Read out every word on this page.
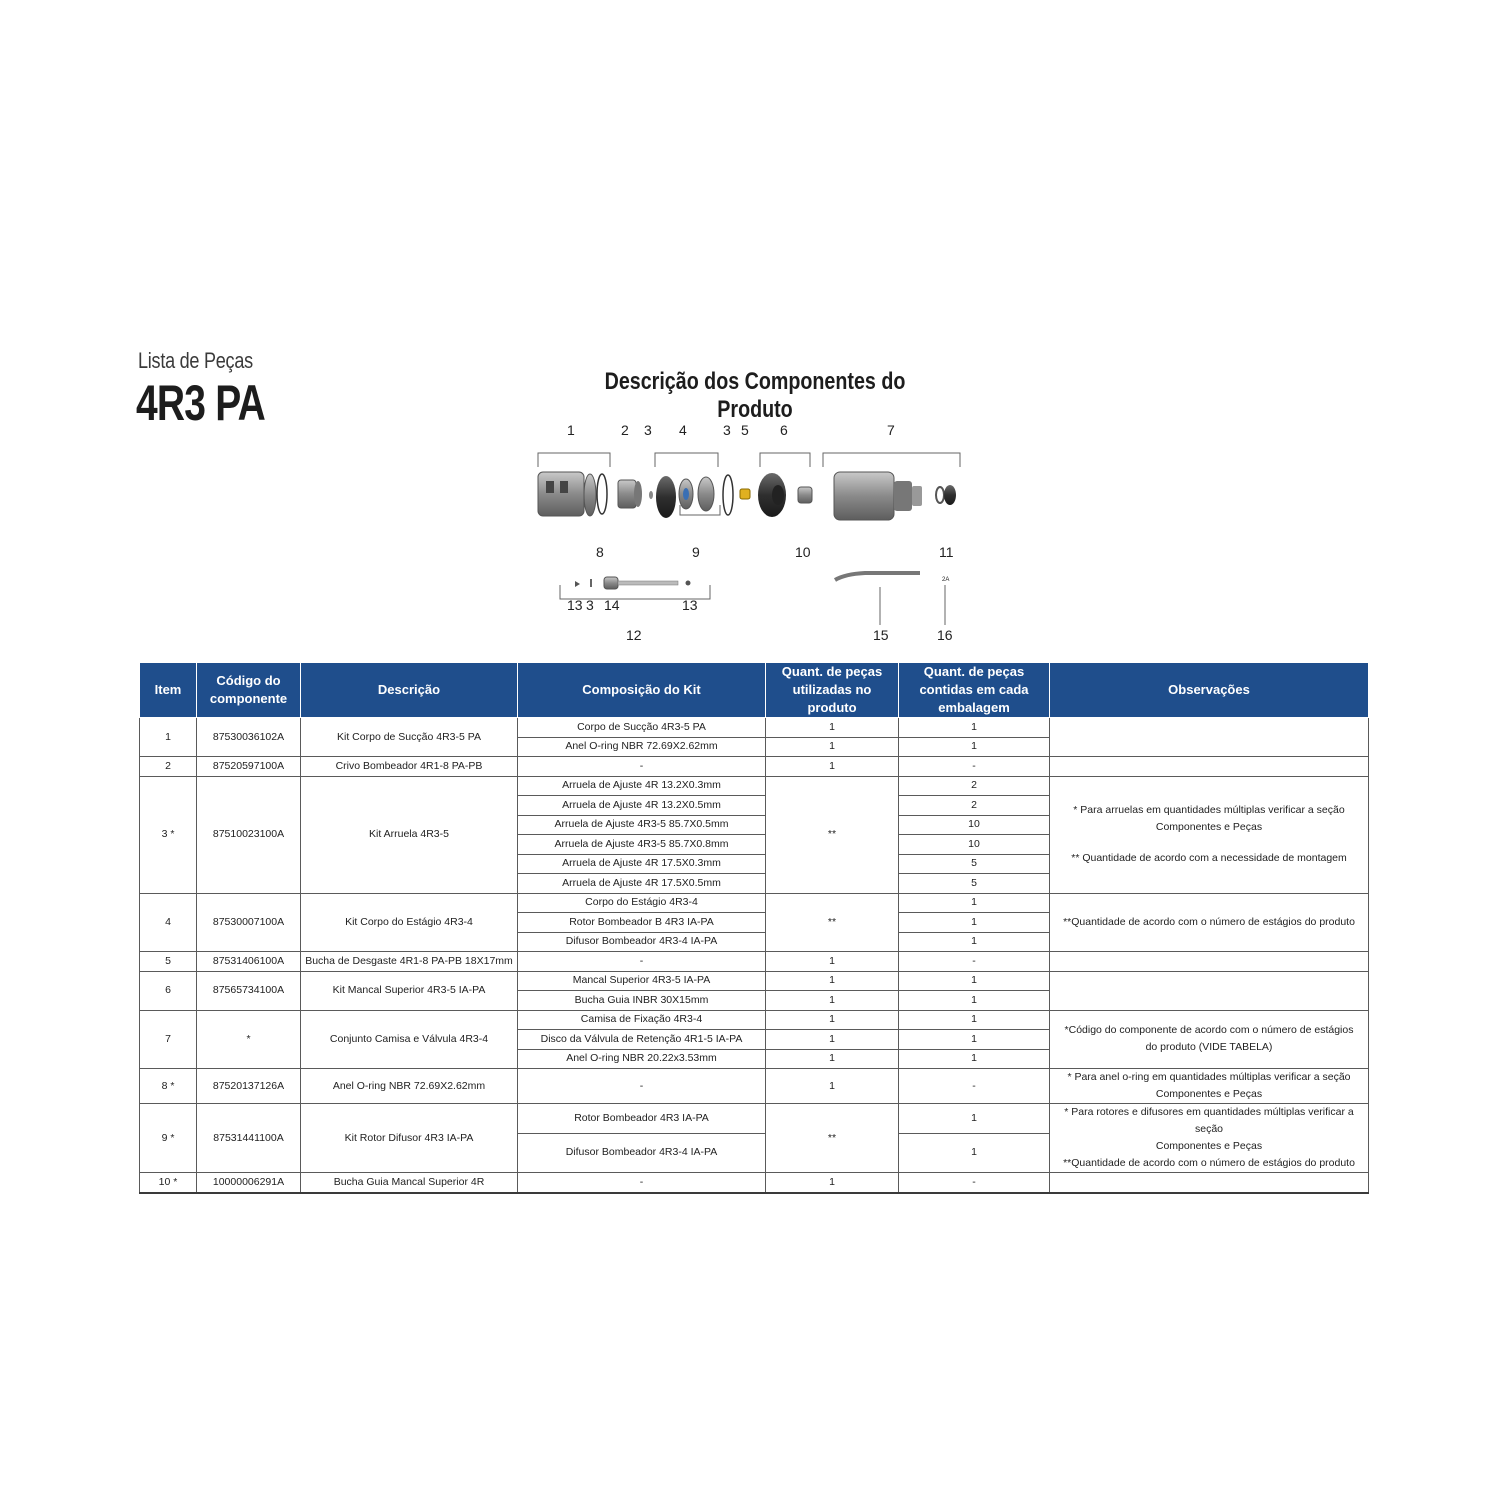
Lista de Peças
4R3 PA	Descrição dos Componentes do Produto
2A
1	2 3 4	3 5 6	7
8	9	10	11
13 3 14	13
12	15	16
Item	Código do componente	Descrição	Composição do Kit	Quant. de peças utilizadas no produto	Quant. de peças contidas em cada embalagem	Observações
1	87530036102A	Kit Corpo de Sucção 4R3-5 PA	Corpo de Sucção 4R3-5 PA	1	1	
			Anel O-ring NBR 72.69X2.62mm	1	1	
2	87520597100A	Crivo Bombeador 4R1-8 PA-PB	-	1	-	
3 *	87510023100A	Kit Arruela 4R3-5	Arruela de Ajuste 4R 13.2X0.3mm	**	2	* Para arruelas em quantidades múltiplas verificar a seção
Componentes e Peças
** Quantidade de acordo com a necessidade de montagem

			Arruela de Ajuste 4R 13.2X0.5mm		2	
			Arruela de Ajuste 4R3-5 85.7X0.5mm		10	
			Arruela de Ajuste 4R3-5 85.7X0.8mm		10	
			Arruela de Ajuste 4R 17.5X0.3mm		5	
			Arruela de Ajuste 4R 17.5X0.5mm		5	
4	87530007100A	Kit Corpo do Estágio 4R3-4	Corpo do Estágio 4R3-4	**	1	**Quantidade de acordo com o número de estágios do produto
			Rotor Bombeador B 4R3 IA-PA		1	
			Difusor Bombeador 4R3-4 IA-PA		1	
5	87531406100A	Bucha de Desgaste 4R1-8 PA-PB 18X17mm	-	1	-	
6	87565734100A	Kit Mancal Superior 4R3-5 IA-PA	Mancal Superior 4R3-5 IA-PA	1	1	
			Bucha Guia INBR 30X15mm	1	1	
7	*	Conjunto Camisa e Válvula 4R3-4	Camisa de Fixação 4R3-4	1	1	*Código do componente de acordo com o número de estágios
do produto (VIDE TABELA)

			Disco da Válvula de Retenção 4R1-5 IA-PA	1	1	
			Anel O-ring NBR 20.22x3.53mm	1	1	
8 *	87520137126A	Anel O-ring NBR 72.69X2.62mm	-	1	-	* Para anel o-ring em quantidades múltiplas verificar a seção
Componentes e Peças

9 *	87531441100A	Kit Rotor Difusor 4R3 IA-PA	Rotor Bombeador 4R3 IA-PA	**	1	* Para rotores e difusores em quantidades múltiplas verificar a seção
Componentes e Peças
**Quantidade de acordo com o número de estágios do produto

			Difusor Bombeador 4R3-4 IA-PA		1	
10 *	10000006291A	Bucha Guia Mancal Superior 4R	-	1	-	
